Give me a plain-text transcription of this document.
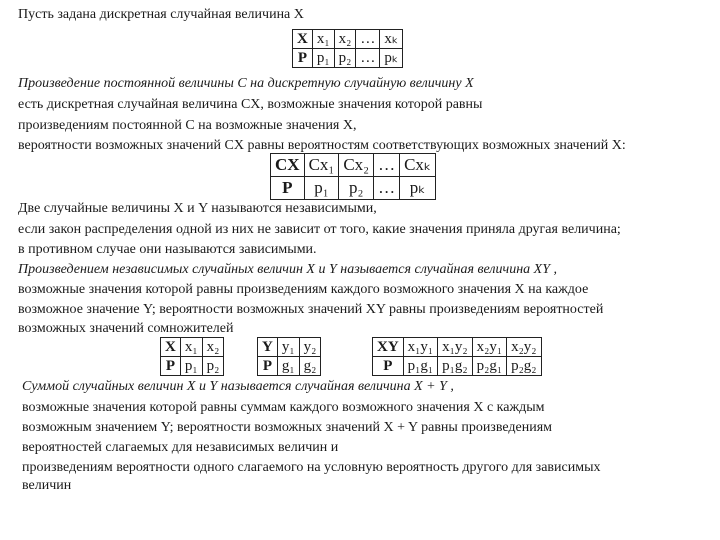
Пусть задана дискретная случайная величина X
X	x₁	x₂	…	xₖ
P	p₁	p₂	…	pₖ
Произведение постоянной величины C на дискретную случайную величину X
есть дискретная случайная величина CX, возможные значения которой равны
произведениям постоянной C на возможные значения X,
вероятности возможных значений CX равны вероятностям соответствующих возможных значений X:
CX	Cx₁	Cx₂	…	Cxₖ
P	p₁	p₂	…	pₖ
Две случайные величины X и Y называются независимыми,
если закон распределения одной из них не зависит от того, какие значения приняла другая величина;
в противном случае они называются зависимыми.
Произведением независимых случайных величин X и Y называется случайная величина XY ,
возможные значения которой равны произведениям каждого возможного значения X на каждое
возможное значение Y; вероятности возможных значений XY равны произведениям вероятностей
возможных значений сомножителей
X	x₁	x₂
P	p₁	p₂
Y	y₁	y₂
P	g₁	g₂
XY	x₁y₁	x₁y₂	x₂y₁	x₂y₂
P	p₁g₁	p₁g₂	p₂g₁	p₂g₂
Суммой случайных величин X и Y называется случайная величина X + Y ,
возможные значения которой равны суммам каждого возможного значения X с каждым
возможным значением Y; вероятности возможных значений X + Y равны произведениям
вероятностей слагаемых для независимых величин и
произведениям вероятности одного слагаемого на условную вероятность другого для зависимых
величин
